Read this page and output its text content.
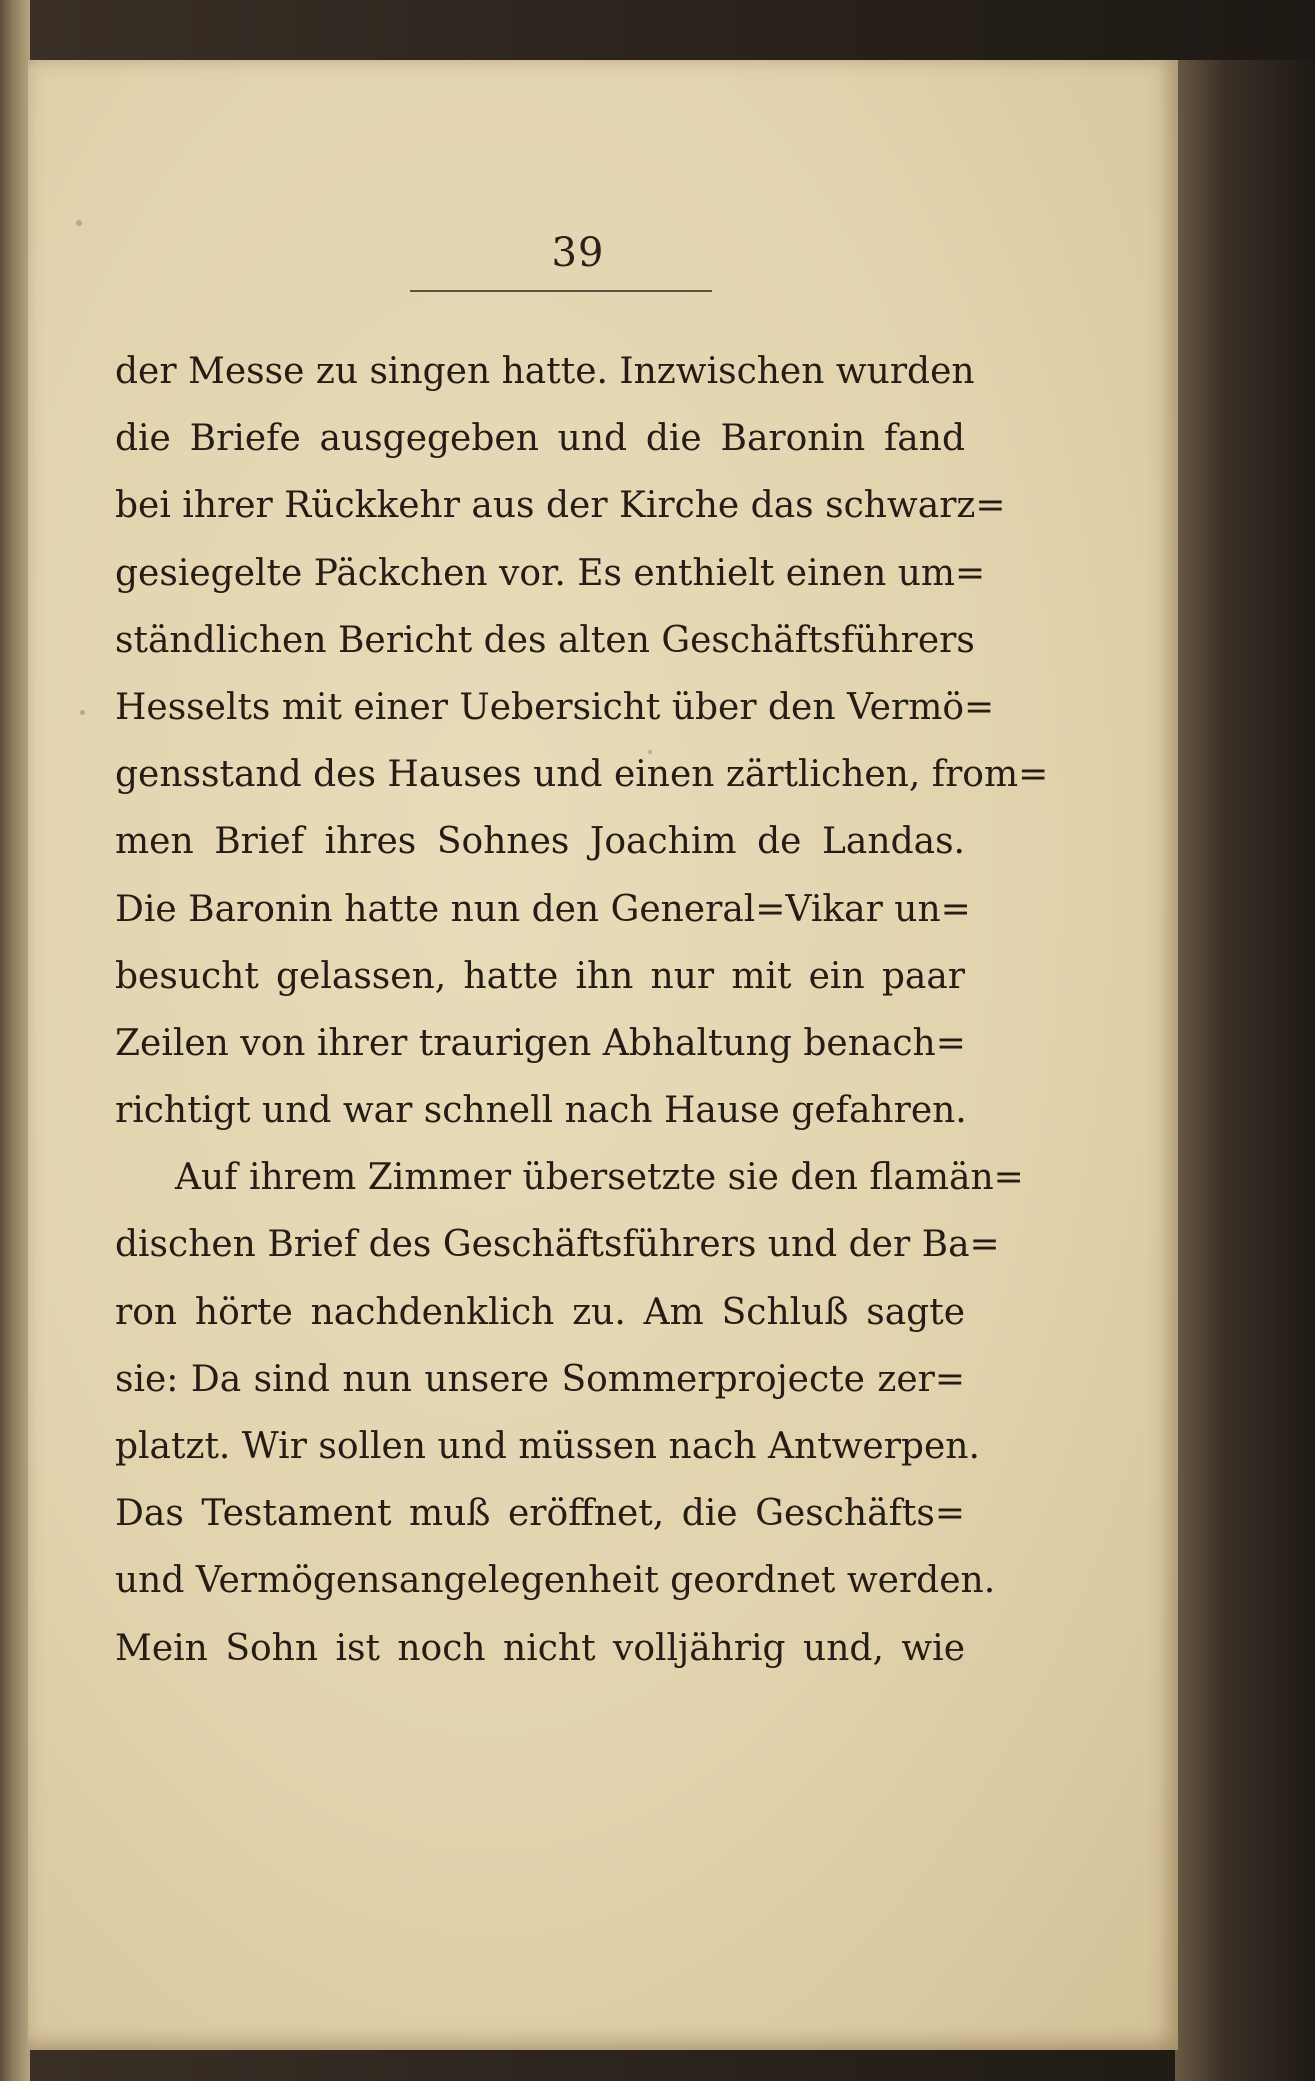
39
der Messe zu singen hatte. Inzwischen wurden
die Briefe ausgegeben und die Baronin fand
bei ihrer Rückkehr aus der Kirche das schwarz=
gesiegelte Päckchen vor. Es enthielt einen um=
ständlichen Bericht des alten Geschäftsführers
Hesselts mit einer Uebersicht über den Vermö=
gensstand des Hauses und einen zärtlichen, from=
men Brief ihres Sohnes Joachim de Landas.
Die Baronin hatte nun den General=Vikar un=
besucht gelassen, hatte ihn nur mit ein paar
Zeilen von ihrer traurigen Abhaltung benach=
richtigt und war schnell nach Hause gefahren.
Auf ihrem Zimmer übersetzte sie den flamän=
dischen Brief des Geschäftsführers und der Ba=
ron hörte nachdenklich zu. Am Schluß sagte
sie: Da sind nun unsere Sommerprojecte zer=
platzt. Wir sollen und müssen nach Antwerpen.
Das Testament muß eröffnet, die Geschäfts=
und Vermögensangelegenheit geordnet werden.
Mein Sohn ist noch nicht volljährig und, wie
